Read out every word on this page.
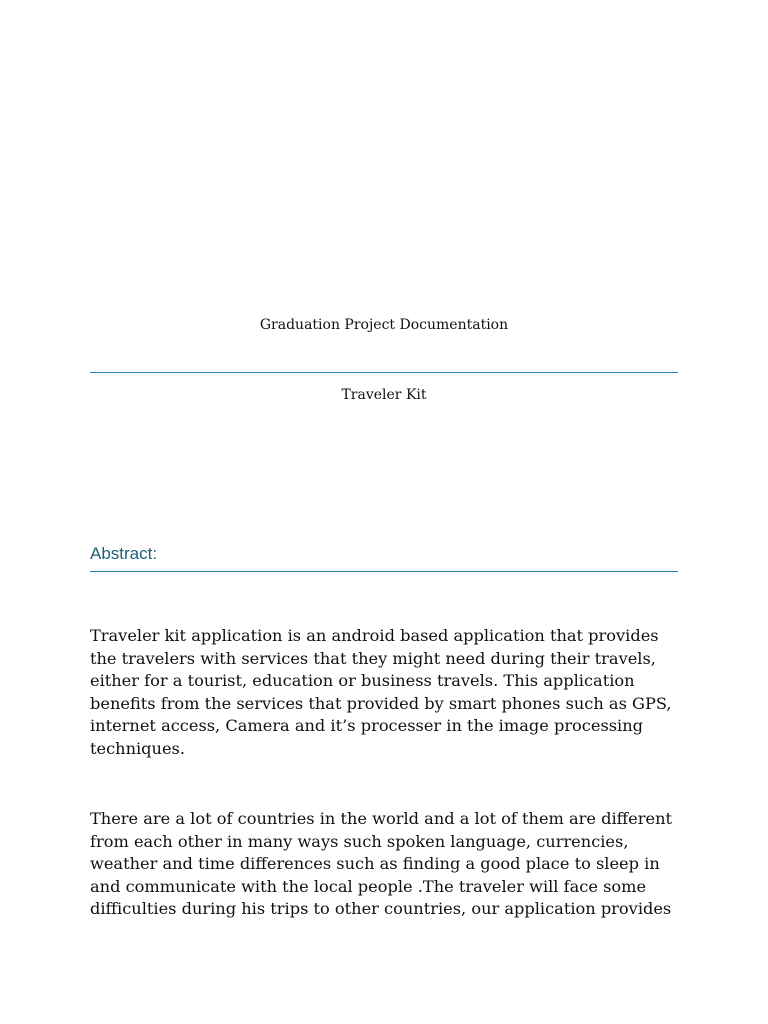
Graduation Project Documentation
Traveler Kit
Abstract:

Traveler kit application is an android based application that provides the travelers with services that they might need during their travels, either for a tourist, education or business travels. This application benefits from the services that provided by smart phones such as GPS, internet access, Camera and it’s processer in the image processing techniques.

There are a lot of countries in the world and a lot of them are different from each other in many ways such spoken language, currencies, weather and time differences such as finding a good place to sleep in and communicate with the local people .The traveler will face some difficulties during his trips to other countries, our application provides
